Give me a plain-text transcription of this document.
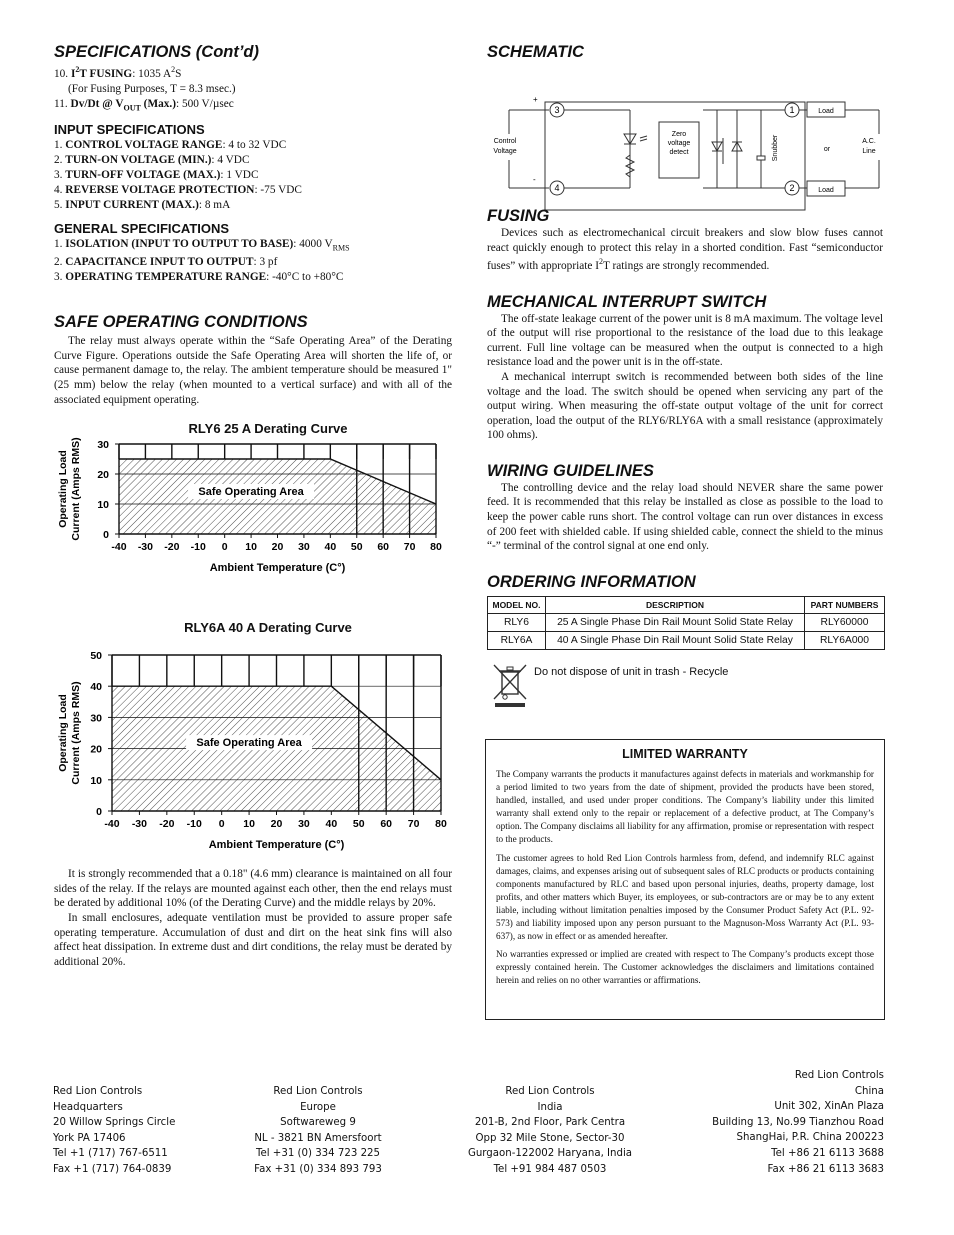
SPECIFICATIONS (Cont’d)
10. $I^2T$ FUSING: 1035 $A^2S$
(For Fusing Purposes, T = 8.3 msec.)
11. Dv/Dt @ $V_{OUT}$ (Max.): 500 V/µsec
INPUT SPECIFICATIONS
1. CONTROL VOLTAGE RANGE: 4 to 32 VDC
2. TURN-ON VOLTAGE (MIN.): 4 VDC
3. TURN-OFF VOLTAGE (MAX.): 1 VDC
4. REVERSE VOLTAGE PROTECTION: -75 VDC
5. INPUT CURRENT (MAX.): 8 mA
GENERAL SPECIFICATIONS
1. ISOLATION (INPUT TO OUTPUT TO BASE): 4000 $V_{RMS}$
2. CAPACITANCE INPUT TO OUTPUT: 3 pf
3. OPERATING TEMPERATURE RANGE: -40°C to +80°C
SAFE OPERATING CONDITIONS

The relay must always operate within the “Safe Operating Area” of the Derating Curve Figure. Operations outside the Safe Operating Area will shorten the life of, or cause permanent damage to, the relay. The ambient temperature should be measured 1" (25 mm) below the relay (when mounted to a vertical surface) and with all of the associated equipment operating.

RLY6 25 A Derating Curve
-40 -30 -20 -10 0 10 20 30 40 50 60 70 80
0
10
20
30
Safe Operating Area
Ambient Temperature (C°)
Operating Load Current (Amps RMS)
RLY6A 40 A Derating Curve
-40 -30 -20 -10 0 10 20 30 40 50 60 70 80
0
10
20
30
40
50
Safe Operating Area
Ambient Temperature (C°)
Operating Load Current (Amps RMS)

It is strongly recommended that a 0.18" (4.6 mm) clearance is maintained on all four sides of the relay. If the relays are mounted against each other, then the end relays must be derated by additional 10% (of the Derating Curve) and the middle relays by 20%.

In small enclosures, adequate ventilation must be provided to assure proper safe operating temperature. Accumulation of dust and dirt on the heat sink fins will also affect heat dissipation. In extreme dust and dirt conditions, the relay must be derated by additional 20%.

SCHEMATIC
3
4
+
-
Control
Voltage
Zero
voltage
detect	Snubber
1
2
Load
Load
or
A.C.
Line
FUSING

Devices such as electromechanical circuit breakers and slow blow fuses cannot react quickly enough to protect this relay in a shorted condition. Fast “semiconductor fuses” with appropriate $I^2T$ ratings are strongly recommended.

MECHANICAL INTERRUPT SWITCH

The off-state leakage current of the power unit is 8 mA maximum. The voltage level of the output will rise proportional to the resistance of the load due to this leakage current. Full line voltage can be measured when the output is connected to a high resistance load and the power unit is in the off-state.

A mechanical interrupt switch is recommended between both sides of the line voltage and the load. The switch should be opened when servicing any part of the output wiring. When measuring the off-state output voltage of the unit for correct operation, load the output of the RLY6/RLY6A with a small resistance (approximately 100 ohms).

WIRING GUIDELINES

The controlling device and the relay load should NEVER share the same power feed. It is recommended that this relay be installed as close as possible to the load to keep the power cable runs short. The control voltage can run over distances in excess of 200 feet with shielded cable. If using shielded cable, connect the shield to the minus “-” terminal of the control signal at one end only.

ORDERING INFORMATION
MODEL NO.	DESCRIPTION	PART NUMBERS
RLY6	25 A Single Phase Din Rail Mount Solid State Relay	RLY60000
RLY6A	40 A Single Phase Din Rail Mount Solid State Relay	RLY6A000
Do not dispose of unit in trash - Recycle
LIMITED WARRANTY

The Company warrants the products it manufactures against defects in materials and workmanship for a period limited to two years from the date of shipment, provided the products have been stored, handled, installed, and used under proper conditions. The Company’s liability under this limited warranty shall extend only to the repair or replacement of a defective product, at The Company’s option. The Company disclaims all liability for any affirmation, promise or representation with respect to the products.

The customer agrees to hold Red Lion Controls harmless from, defend, and indemnify RLC against damages, claims, and expenses arising out of subsequent sales of RLC products or products containing components manufactured by RLC and based upon personal injuries, deaths, property damage, lost profits, and other matters which Buyer, its employees, or sub-contractors are or may be to any extent liable, including without limitation penalties imposed by the Consumer Product Safety Act (P.L. 92-573) and liability imposed upon any person pursuant to the Magnuson-Moss Warranty Act (P.L. 93-637), as now in effect or as amended hereafter.

No warranties expressed or implied are created with respect to The Company’s products except those expressly contained herein. The Customer acknowledges the disclaimers and limitations contained herein and relies on no other warranties or affirmations.

Red Lion Controls
Headquarters
20 Willow Springs Circle
York PA 17406
Tel +1 (717) 767-6511
Fax +1 (717) 764-0839
Red Lion Controls
Europe
Softwareweg 9
NL - 3821 BN Amersfoort
Tel +31 (0) 334 723 225
Fax +31 (0) 334 893 793
Red Lion Controls
India
201-B, 2nd Floor, Park Centra
Opp 32 Mile Stone, Sector-30
Gurgaon-122002 Haryana, India
Tel +91 984 487 0503
Red Lion Controls
China
Unit 302, XinAn Plaza
Building 13, No.99 Tianzhou Road
ShangHai, P.R. China 200223
Tel +86 21 6113 3688
Fax +86 21 6113 3683
